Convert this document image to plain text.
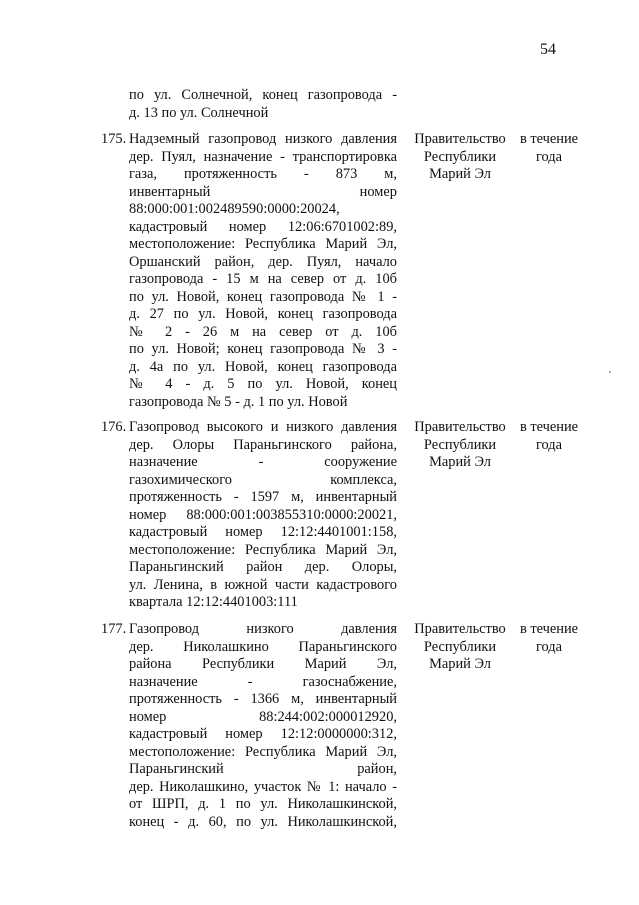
54
по ул. Солнечной, конец газопровода -
д. 13 по ул. Солнечной
175. Надземный газопровод низкого давления
дер. Пуял, назначение - транспортировка
газа, протяженность - 873 м,
инвентарный номер
88:000:001:002489590:0000:20024,
кадастровый номер 12:06:6701002:89,
местоположение: Республика Марий Эл,
Оршанский район, дер. Пуял, начало
газопровода - 15 м на север от д. 10б
по ул. Новой, конец газопровода № 1 -
д. 27 по ул. Новой, конец газопровода
№ 2 - 26 м на север от д. 10б
по ул. Новой; конец газопровода № 3 -
д. 4а по ул. Новой, конец газопровода
№ 4 - д. 5 по ул. Новой, конец
газопровода № 5 - д. 1 по ул. Новой
Правительство
Республики
Марий Эл
в течение
года
176. Газопровод высокого и низкого давления
дер. Олоры Параньгинского района,
назначение - сооружение
газохимического комплекса,
протяженность - 1597 м, инвентарный
номер 88:000:001:003855310:0000:20021,
кадастровый номер 12:12:4401001:158,
местоположение: Республика Марий Эл,
Параньгинский район дер. Олоры,
ул. Ленина, в южной части кадастрового
квартала 12:12:4401003:111
Правительство
Республики
Марий Эл
в течение
года
177. Газопровод низкого давления
дер. Николашкино Параньгинского
района Республики Марий Эл,
назначение - газоснабжение,
протяженность - 1366 м, инвентарный
номер 88:244:002:000012920,
кадастровый номер 12:12:0000000:312,
местоположение: Республика Марий Эл,
Параньгинский район,
дер. Николашкино, участок № 1: начало -
от ШРП, д. 1 по ул. Николашкинской,
конец - д. 60, по ул. Николашкинской,
Правительство
Республики
Марий Эл
в течение
года
